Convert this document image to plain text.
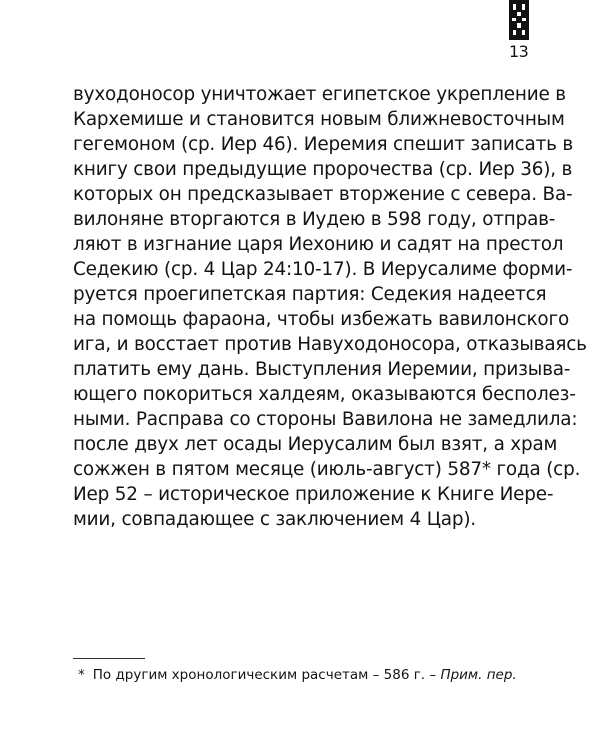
13
вуходоносор уничтожает египетское укрепление в
Кархемише и становится новым ближневосточным
гегемоном (ср. Иер 46). Иеремия спешит записать в
книгу свои предыдущие пророчества (ср. Иер 36), в
которых он предсказывает вторжение с севера. Ва-
вилоняне вторгаются в Иудею в 598 году, отправ-
ляют в изгнание царя Иехонию и садят на престол
Седекию (ср. 4 Цар 24:10-17). В Иерусалиме форми-
руется проегипетская партия: Седекия надеется
на помощь фараона, чтобы избежать вавилонского
ига, и восстает против Навуходоносора, отказываясь
платить ему дань. Выступления Иеремии, призыва-
ющего покориться халдеям, оказываются бесполез-
ными. Расправа со стороны Вавилона не замедлила:
после двух лет осады Иерусалим был взят, а храм
сожжен в пятом месяце (июль-август) 587* года (ср.
Иер 52 – историческое приложение к Книге Иере-
мии, совпадающее с заключением 4 Цар).
* По другим хронологическим расчетам – 586 г. – Прим. пер.
